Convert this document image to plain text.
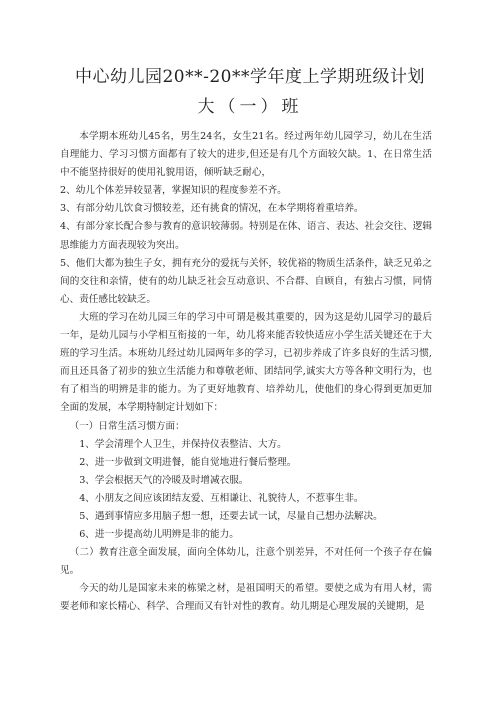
中心幼儿园20**-20**学年度上学期班级计划
大（一）班

本学期本班幼儿45名，男生24名，女生21名。经过两年幼儿园学习，幼儿在生活自理能力、学习习惯方面都有了较大的进步,但还是有几个方面较欠缺。1、在日常生活中不能坚持很好的使用礼貌用语，倾听缺乏耐心，

2、幼儿个体差异较显著，掌握知识的程度参差不齐。

3、有部分幼儿饮食习惯较差，还有挑食的情况，在本学期将着重培养。

4、有部分家长配合参与教育的意识较薄弱。特别是在体、语言、表达、社会交往、逻辑思维能力方面表现较为突出。

5、他们大都为独生子女，拥有充分的爱抚与关怀，较优裕的物质生活条件，缺乏兄弟之间的交往和亲情，使有的幼儿缺乏社会互动意识、不合群、自顾自，有独占习惯，同情心、责任感比较缺乏。

大班的学习在幼儿园三年的学习中可谓是极其重要的，因为这是幼儿园学习的最后一年，是幼儿园与小学相互衔接的一年，幼儿将来能否较快适应小学生活关键还在于大班的学习生活。本班幼儿经过幼儿园两年多的学习，已初步养成了许多良好的生活习惯,而且还具备了初步的独立生活能力和尊敬老师、团结同学,诚实大方等各种文明行为，也有了相当的明辨是非的能力。为了更好地教育、培养幼儿，使他们的身心得到更加更加全面的发展，本学期特制定计划如下：

（一）日常生活习惯方面：

1、学会清理个人卫生，并保持仪表整洁、大方。

2、进一步做到文明进餐，能自觉地进行餐后整理。

3、学会根据天气的冷暖及时增减衣服。

4、小朋友之间应该团结友爱、互相谦让、礼貌待人，不惹事生非。

5、遇到事情应多用脑子想一想，还要去试一试，尽量自己想办法解决。

6、进一步提高幼儿明辨是非的能力。

（二）教育注意全面发展，面向全体幼儿，注意个别差异，不对任何一个孩子存在偏见。

今天的幼儿是国家未来的栋梁之材，是祖国明天的希望。要使之成为有用人材，需要老师和家长精心、科学、合理而又有针对性的教育。幼儿期是心理发展的关键期，是
